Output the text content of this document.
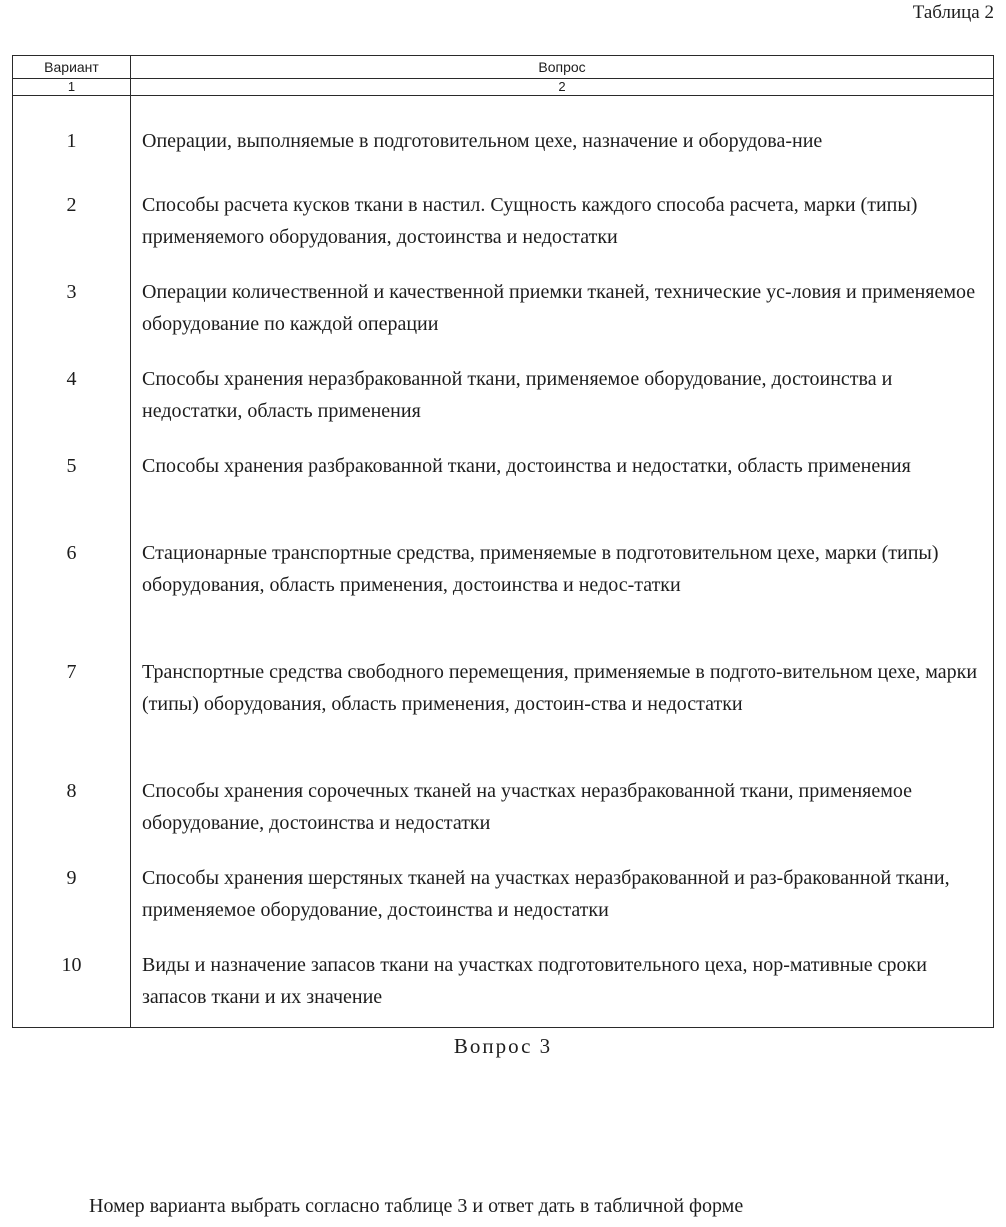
Таблица 2
Вариант	Вопрос
1	2
1	Операции, выполняемые в подготовительном цехе, назначение и оборудова-ние
2	Способы расчета кусков ткани в настил. Сущность каждого способа расчета, марки (типы) применяемого оборудования, достоинства и недостатки
3	Операции количественной и качественной приемки тканей, технические ус-ловия и применяемое оборудование по каждой операции
4	Способы хранения неразбракованной ткани, применяемое оборудование, достоинства и недостатки, область применения
5	Способы хранения разбракованной ткани, достоинства и недостатки, область применения
6	Стационарные транспортные средства, применяемые в подготовительном цехе, марки (типы) оборудования, область применения, достоинства и недос-татки
7	Транспортные средства свободного перемещения, применяемые в подгото-вительном цехе, марки (типы) оборудования, область применения, достоин-ства и недостатки
8	Способы хранения сорочечных тканей на участках неразбракованной ткани, применяемое оборудование, достоинства и недостатки
9	Способы хранения шерстяных тканей на участках неразбракованной и раз-бракованной ткани, применяемое оборудование, достоинства и недостатки
10	Виды и назначение запасов ткани на участках подготовительного цеха, нор-мативные сроки запасов ткани и их значение
Вопрос 3
Номер варианта выбрать согласно таблице 3 и ответ дать в табличной форме
